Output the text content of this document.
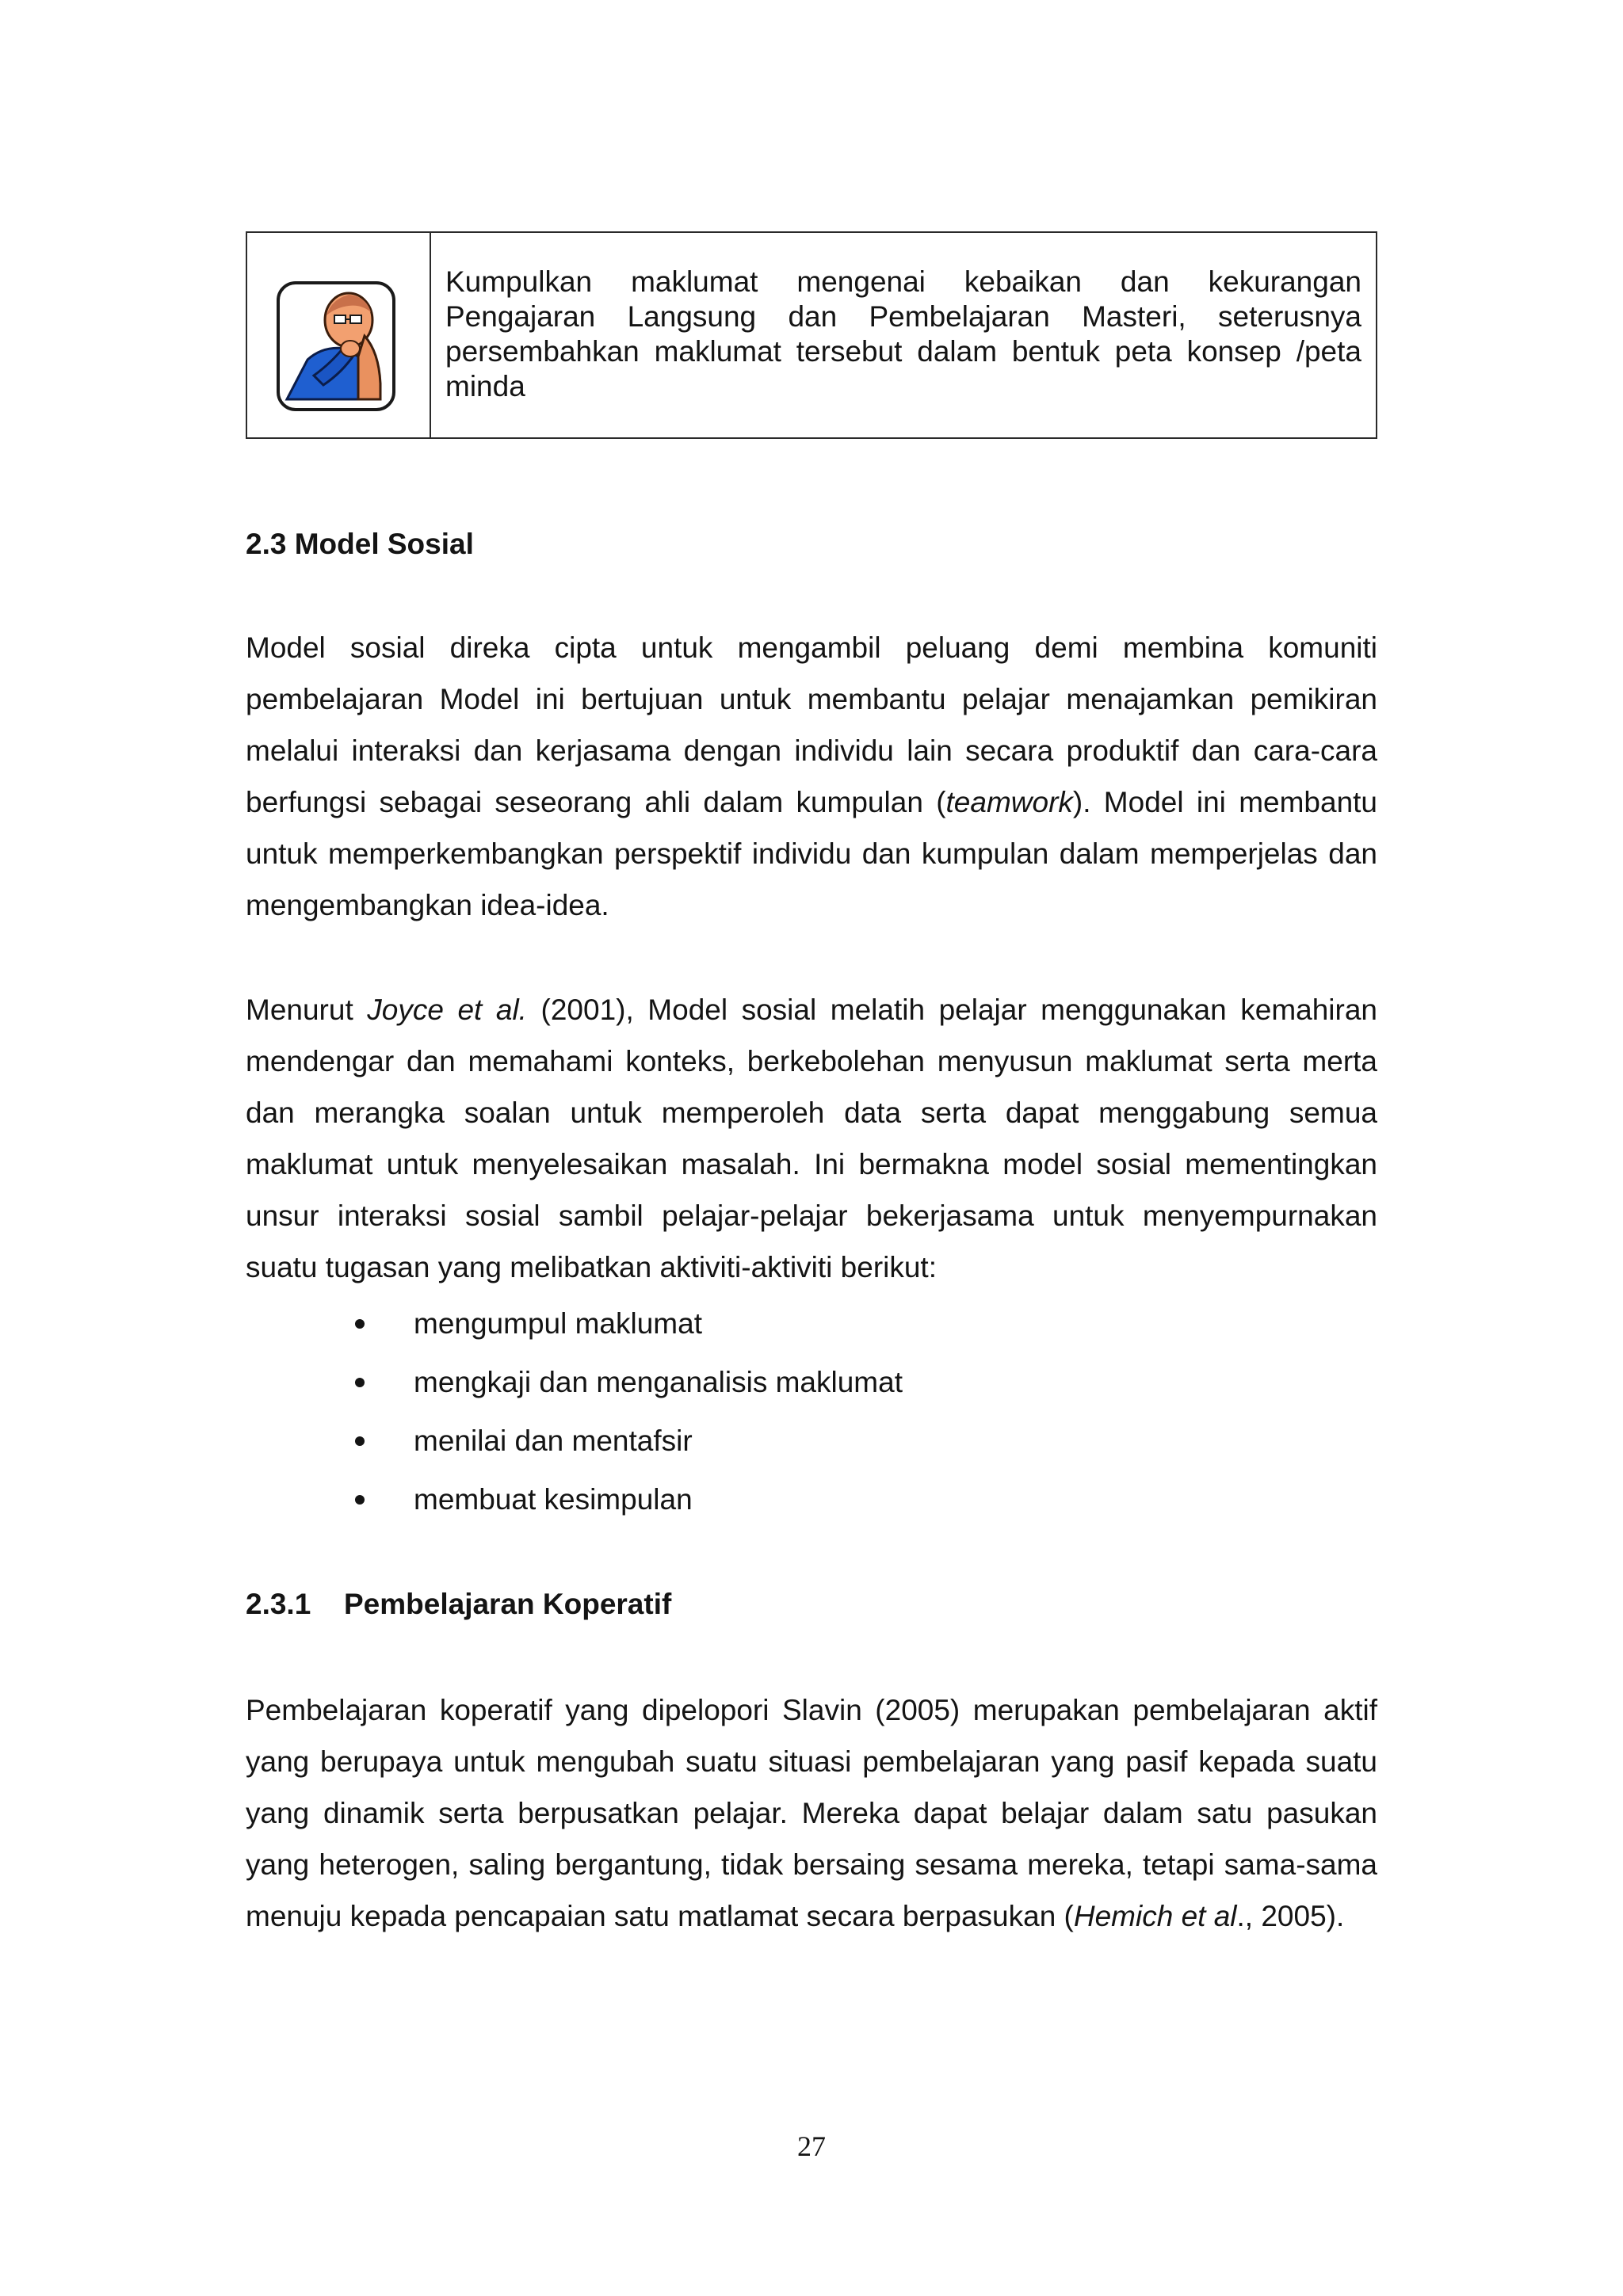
Kumpulkan maklumat mengenai kebaikan dan kekurangan Pengajaran Langsung dan Pembelajaran Masteri, seterusnya persembahkan maklumat tersebut dalam bentuk peta konsep /peta minda

2.3 Model Sosial

Model sosial direka cipta untuk mengambil peluang demi membina komuniti pembelajaran Model ini bertujuan untuk membantu pelajar menajamkan pemikiran melalui interaksi dan kerjasama dengan individu lain secara produktif dan cara-cara berfungsi sebagai seseorang ahli dalam kumpulan (teamwork). Model ini membantu untuk memperkembangkan perspektif individu dan kumpulan dalam memperjelas dan mengembangkan idea-idea.

Menurut Joyce et al. (2001), Model sosial melatih pelajar menggunakan kemahiran mendengar dan memahami konteks, berkebolehan menyusun maklumat serta merta dan merangka soalan untuk memperoleh data serta dapat menggabung semua maklumat untuk menyelesaikan masalah. Ini bermakna model sosial mementingkan unsur interaksi sosial sambil pelajar-pelajar bekerjasama untuk menyempurnakan suatu tugasan yang melibatkan aktiviti-aktiviti berikut:

mengumpul maklumat
mengkaji dan menganalisis maklumat
menilai dan mentafsir
membuat kesimpulan
2.3.1 Pembelajaran Koperatif

Pembelajaran koperatif yang dipelopori Slavin (2005) merupakan pembelajaran aktif yang berupaya untuk mengubah suatu situasi pembelajaran yang pasif kepada suatu yang dinamik serta berpusatkan pelajar. Mereka dapat belajar dalam satu pasukan yang heterogen, saling bergantung, tidak bersaing sesama mereka, tetapi sama-sama menuju kepada pencapaian satu matlamat secara berpasukan (Hemich et al., 2005).

27
